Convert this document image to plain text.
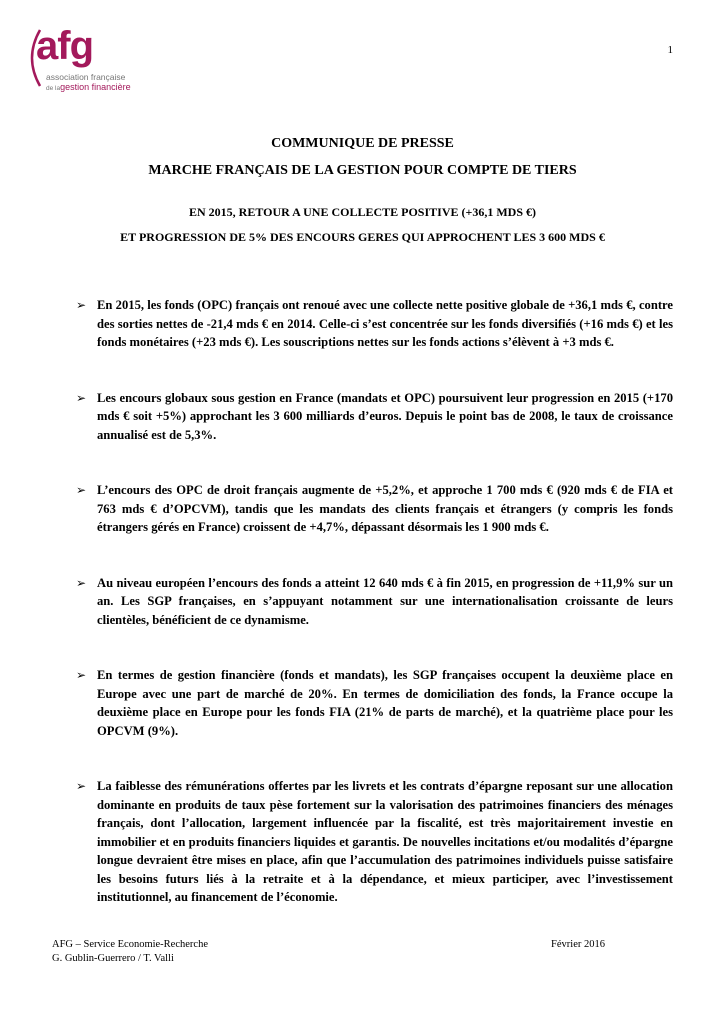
1
afg
association française
de lagestion financière
COMMUNIQUE DE PRESSE
MARCHE FRANÇAIS DE LA GESTION POUR COMPTE DE TIERS
EN 2015, RETOUR A UNE COLLECTE POSITIVE (+36,1 MDS €)
ET PROGRESSION DE 5% DES ENCOURS GERES QUI APPROCHENT LES 3 600 MDS €
➢ En 2015, les fonds (OPC) français ont renoué avec une collecte nette positive globale de +36,1 mds €, contre des sorties nettes de -21,4 mds € en 2014. Celle-ci s’est concentrée sur les fonds diversifiés (+16 mds €) et les fonds monétaires (+23 mds €). Les souscriptions nettes sur les fonds actions s’élèvent à +3 mds €.
➢ Les encours globaux sous gestion en France (mandats et OPC) poursuivent leur progression en 2015 (+170 mds € soit +5%) approchant les 3 600 milliards d’euros. Depuis le point bas de 2008, le taux de croissance annualisé est de 5,3%.
➢ L’encours des OPC de droit français augmente de +5,2%, et approche 1 700 mds € (920 mds € de FIA et 763 mds € d’OPCVM), tandis que les mandats des clients français et étrangers (y compris les fonds étrangers gérés en France) croissent de +4,7%, dépassant désormais les 1 900 mds €.
➢ Au niveau européen l’encours des fonds a atteint 12 640 mds € à fin 2015, en progression de +11,9% sur un an. Les SGP françaises, en s’appuyant notamment sur une internationalisation croissante de leurs clientèles, bénéficient de ce dynamisme.
➢ En termes de gestion financière (fonds et mandats), les SGP françaises occupent la deuxième place en Europe avec une part de marché de 20%. En termes de domiciliation des fonds, la France occupe la deuxième place en Europe pour les fonds FIA (21% de parts de marché), et la quatrième place pour les OPCVM (9%).
➢ La faiblesse des rémunérations offertes par les livrets et les contrats d’épargne reposant sur une allocation dominante en produits de taux pèse fortement sur la valorisation des patrimoines financiers des ménages français, dont l’allocation, largement influencée par la fiscalité, est très majoritairement investie en immobilier et en produits financiers liquides et garantis. De nouvelles incitations et/ou modalités d’épargne longue devraient être mises en place, afin que l’accumulation des patrimoines individuels puisse satisfaire les besoins futurs liés à la retraite et à la dépendance, et mieux participer, avec l’investissement institutionnel, au financement de l’économie.
AFG – Service Economie-Recherche
G. Gublin-Guerrero / T. Valli
Février 2016
